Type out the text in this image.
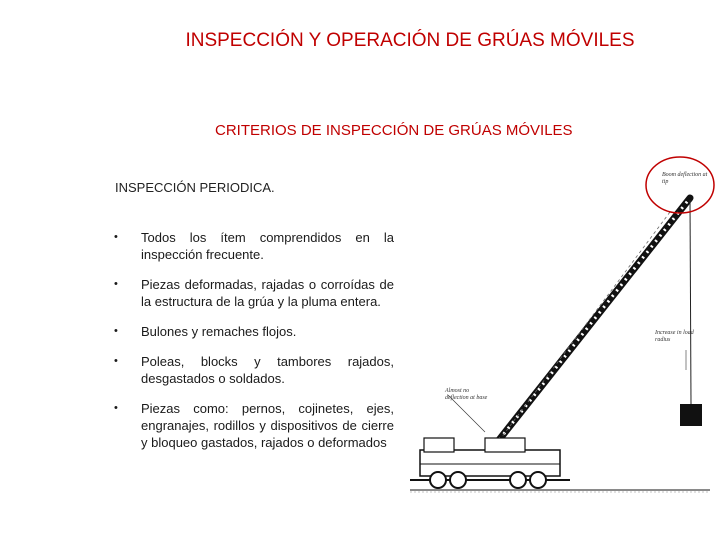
INSPECCIÓN Y OPERACIÓN DE GRÚAS MÓVILES
CRITERIOS DE INSPECCIÓN DE GRÚAS MÓVILES
INSPECCIÓN PERIODICA.
• Todos los ítem comprendidos en la inspección frecuente.
• Piezas deformadas, rajadas o corroídas de la estructura de la grúa y la pluma entera.
• Bulones y remaches flojos.
• Poleas, blocks y tambores rajados, desgastados o soldados.
• Piezas como: pernos, cojinetes, ejes, engranajes, rodillos y dispositivos de cierre y bloqueo gastados, rajados o deformados
Boom deflection at tip
Increase in load radius
Almost no deflection at base
